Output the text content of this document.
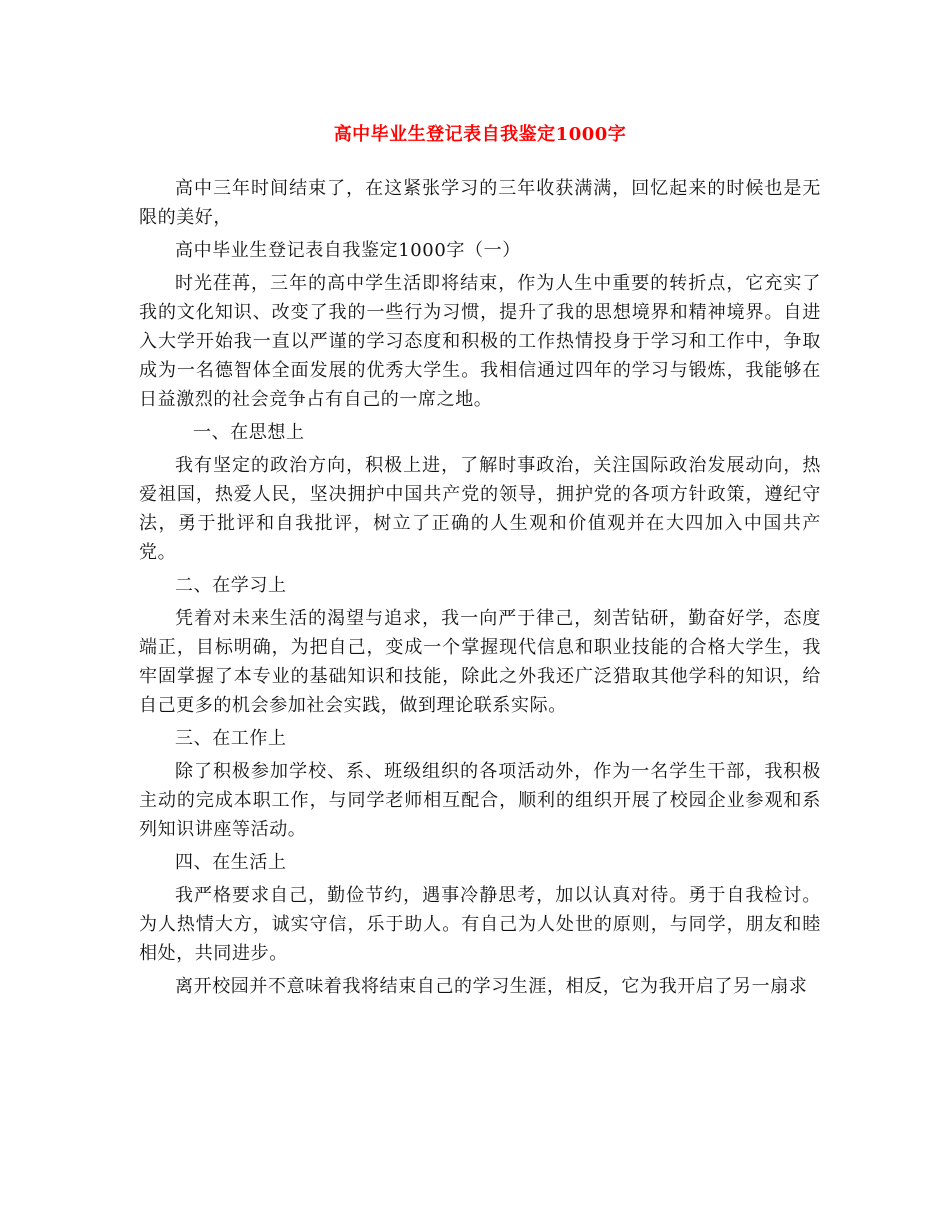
高中毕业生登记表自我鉴定1000字

高中三年时间结束了，在这紧张学习的三年收获满满，回忆起来的时候也是无限的美好，

高中毕业生登记表自我鉴定1000字（一）

时光荏苒，三年的高中学生活即将结束，作为人生中重要的转折点，它充实了我的文化知识、改变了我的一些行为习惯，提升了我的思想境界和精神境界。自进入大学开始我一直以严谨的学习态度和积极的工作热情投身于学习和工作中，争取成为一名德智体全面发展的优秀大学生。我相信通过四年的学习与锻炼，我能够在日益激烈的社会竞争占有自己的一席之地。

一、在思想上

我有坚定的政治方向，积极上进，了解时事政治，关注国际政治发展动向，热爱祖国，热爱人民，坚决拥护中国共产党的领导，拥护党的各项方针政策，遵纪守法，勇于批评和自我批评，树立了正确的人生观和价值观并在大四加入中国共产党。

二、在学习上

凭着对未来生活的渴望与追求，我一向严于律己，刻苦钻研，勤奋好学，态度端正，目标明确，为把自己，变成一个掌握现代信息和职业技能的合格大学生，我牢固掌握了本专业的基础知识和技能，除此之外我还广泛猎取其他学科的知识，给自己更多的机会参加社会实践，做到理论联系实际。

三、在工作上

除了积极参加学校、系、班级组织的各项活动外，作为一名学生干部，我积极主动的完成本职工作，与同学老师相互配合，顺利的组织开展了校园企业参观和系列知识讲座等活动。

四、在生活上

我严格要求自己，勤俭节约，遇事冷静思考，加以认真对待。勇于自我检讨。为人热情大方，诚实守信，乐于助人。有自己为人处世的原则，与同学，朋友和睦相处，共同进步。

离开校园并不意味着我将结束自己的学习生涯，相反，它为我开启了另一扇求
